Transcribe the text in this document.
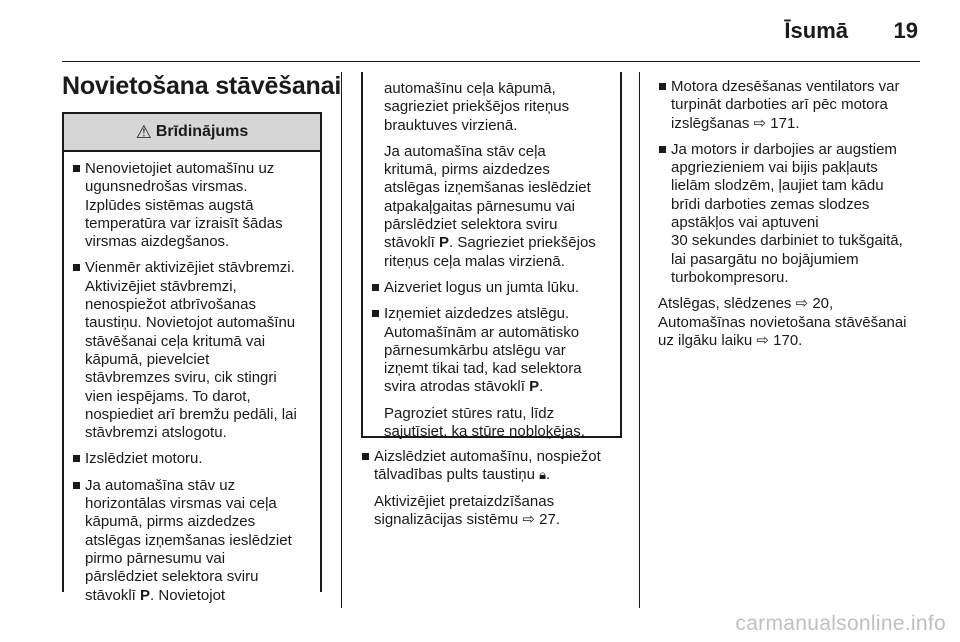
Īsumā 19
Novietošana stāvēšanai
⚠ Brīdinājums
Nenovietojiet automašīnu uz
ugunsnedrošas virsmas.
Izplūdes sistēmas augstā
temperatūra var izraisīt šādas
virsmas aizdegšanos.
Vienmēr aktivizējiet stāvbremzi.
Aktivizējiet stāvbremzi,
nenospiežot atbrīvošanas
taustiņu. Novietojot automašīnu
stāvēšanai ceļa kritumā vai
kāpumā, pievelciet
stāvbremzes sviru, cik stingri
vien iespējams. To darot,
nospiediet arī bremžu pedāli, lai
stāvbremzi atslogotu.
Izslēdziet motoru.
Ja automašīna stāv uz
horizontālas virsmas vai ceļa
kāpumā, pirms aizdedzes
atslēgas izņemšanas ieslēdziet
pirmo pārnesumu vai
pārslēdziet selektora sviru
stāvoklī P. Novietojot
automašīnu ceļa kāpumā,
sagrieziet priekšējos riteņus
brauktuves virzienā.
Ja automašīna stāv ceļa
kritumā, pirms aizdedzes
atslēgas izņemšanas ieslēdziet
atpakaļgaitas pārnesumu vai
pārslēdziet selektora sviru
stāvoklī P. Sagrieziet priekšējos
riteņus ceļa malas virzienā.
Aizveriet logus un jumta lūku.
Izņemiet aizdedzes atslēgu.
Automašīnām ar automātisko
pārnesumkārbu atslēgu var
izņemt tikai tad, kad selektora
svira atrodas stāvoklī P.
Pagroziet stūres ratu, līdz
sajutīsiet, ka stūre nobloķējas.
Aizslēdziet automašīnu, nospiežot
tālvadības pults taustiņu 🔒︎.
Aktivizējiet pretaizdzīšanas
signalizācijas sistēmu ⇨ 27.
Motora dzesēšanas ventilators var
turpināt darboties arī pēc motora
izslēgšanas ⇨ 171.
Ja motors ir darbojies ar augstiem
apgriezieniem vai bijis pakļauts
lielām slodzēm, ļaujiet tam kādu
brīdi darboties zemas slodzes
apstākļos vai aptuveni
30 sekundes darbiniet to tukšgaitā,
lai pasargātu no bojājumiem
turbokompresoru.
Atslēgas, slēdzenes ⇨ 20,
Automašīnas novietošana stāvēšanai
uz ilgāku laiku ⇨ 170.
carmanualsonline.info
